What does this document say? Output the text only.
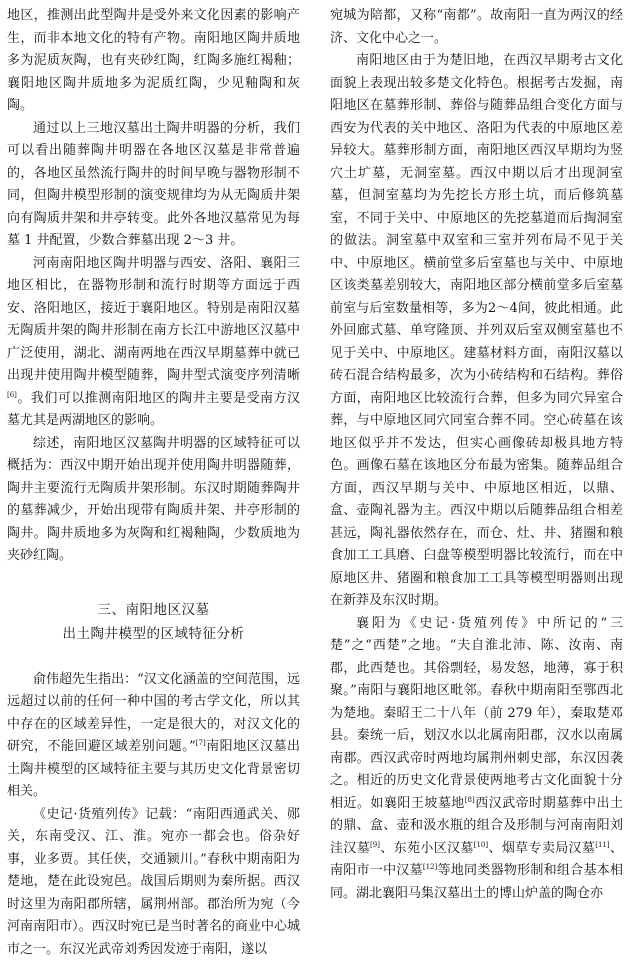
地区，推测出此型陶井是受外来文化因素的影响产生，而非本地文化的特有产物。南阳地区陶井质地多为泥质灰陶，也有夹砂红陶，红陶多施红褐釉；襄阳地区陶井质地多为泥质红陶，少见釉陶和灰陶。

通过以上三地汉墓出土陶井明器的分析，我们可以看出随葬陶井明器在各地区汉墓是非常普遍的，各地区虽然流行陶井的时间早晚与器物形制不同，但陶井模型形制的演变规律均为从无陶质井架向有陶质井架和井亭转变。此外各地汉墓常见为每墓 1 井配置，少数合葬墓出现 2～3 井。

河南南阳地区陶井明器与西安、洛阳、襄阳三地区相比，在器物形制和流行时期等方面远于西安、洛阳地区，接近于襄阳地区。特别是南阳汉墓无陶质井架的陶井形制在南方长江中游地区汉墓中广泛使用，湖北、湖南两地在西汉早期墓葬中就已出现井使用陶井模型随葬，陶井型式演变序列清晰[6]。我们可以推测南阳地区的陶井主要是受南方汉墓尤其是两湖地区的影响。

综述，南阳地区汉墓陶井明器的区域特征可以概括为：西汉中期开始出现并使用陶井明器随葬，陶井主要流行无陶质井架形制。东汉时期随葬陶井的墓葬减少，开始出现带有陶质井架、井亭形制的陶井。陶井质地多为灰陶和红褐釉陶，少数质地为夹砂红陶。

三、南阳地区汉墓
出土陶井模型的区域特征分析

俞伟超先生指出：“汉文化涵盖的空间范围，远远超过以前的任何一种中国的考古学文化，所以其中存在的区域差异性，一定是很大的，对汉文化的研究，不能回避区域差别问题。”[7]南阳地区汉墓出土陶井模型的区域特征主要与其历史文化背景密切相关。

《史记·货殖列传》记载：“南阳西通武关、郧关，东南受汉、江、淮。宛亦一都会也。俗杂好事，业多贾。其任侠，交通颍川。”春秋中期南阳为楚地，楚在此设宛邑。战国后期则为秦所据。西汉时这里为南阳郡所辖，属荆州部。郡治所为宛（今河南南阳市）。西汉时宛已是当时著名的商业中心城市之一。东汉光武帝刘秀因发迹于南阳，遂以

宛城为陪都，又称“南都”。故南阳一直为两汉的经济、文化中心之一。

南阳地区由于为楚旧地，在西汉早期考古文化面貌上表现出较多楚文化特色。根据考古发掘，南阳地区在墓葬形制、葬俗与随葬品组合变化方面与西安为代表的关中地区、洛阳为代表的中原地区差异较大。墓葬形制方面，南阳地区西汉早期均为竖穴土圹墓，无洞室墓。西汉中期以后才出现洞室墓，但洞室墓均为先挖长方形土坑，而后修筑墓室，不同于关中、中原地区的先挖墓道而后掏洞室的做法。洞室墓中双室和三室并列布局不见于关中、中原地区。横前堂多后室墓也与关中、中原地区该类墓差别较大，南阳地区部分横前堂多后室墓前室与后室数量相等，多为2～4间，彼此相通。此外回廊式墓、单穹隆顶、并列双后室双侧室墓也不见于关中、中原地区。建墓材料方面，南阳汉墓以砖石混合结构最多，次为小砖结构和石结构。葬俗方面，南阳地区比较流行合葬，但多为同穴异室合葬，与中原地区同穴同室合葬不同。空心砖墓在该地区似乎并不发达，但实心画像砖却极具地方特色。画像石墓在该地区分布最为密集。随葬品组合方面，西汉早期与关中、中原地区相近，以鼎、盒、壶陶礼器为主。西汉中期以后随葬品组合相差甚远，陶礼器依然存在，而仓、灶、井、猪圈和粮食加工工具磨、臼盘等模型明器比较流行，而在中原地区井、猪圈和粮食加工工具等模型明器则出现在新莽及东汉时期。

襄阳为《史记·货殖列传》中所记的“三楚”之“西楚”之地。“夫自淮北沛、陈、汝南、南郡，此西楚也。其俗剽轻，易发怒，地薄，寡于积聚。”南阳与襄阳地区毗邻。春秋中期南阳至鄂西北为楚地。秦昭王二十八年（前 279 年），秦取楚邓县。秦统一后，划汉水以北属南阳郡，汉水以南属南郡。西汉武帝时两地均属荆州刺史部，东汉因袭之。相近的历史文化背景使两地考古文化面貌十分相近。如襄阳王坡墓地[8]西汉武帝时期墓葬中出土的鼎、盒、壶和汲水瓶的组合及形制与河南南阳刘洼汉墓[9]、东苑小区汉墓[10]、烟草专卖局汉墓[11]、南阳市一中汉墓[12]等地同类器物形制和组合基本相同。湖北襄阳马集汉墓出土的博山炉盖的陶仓亦
